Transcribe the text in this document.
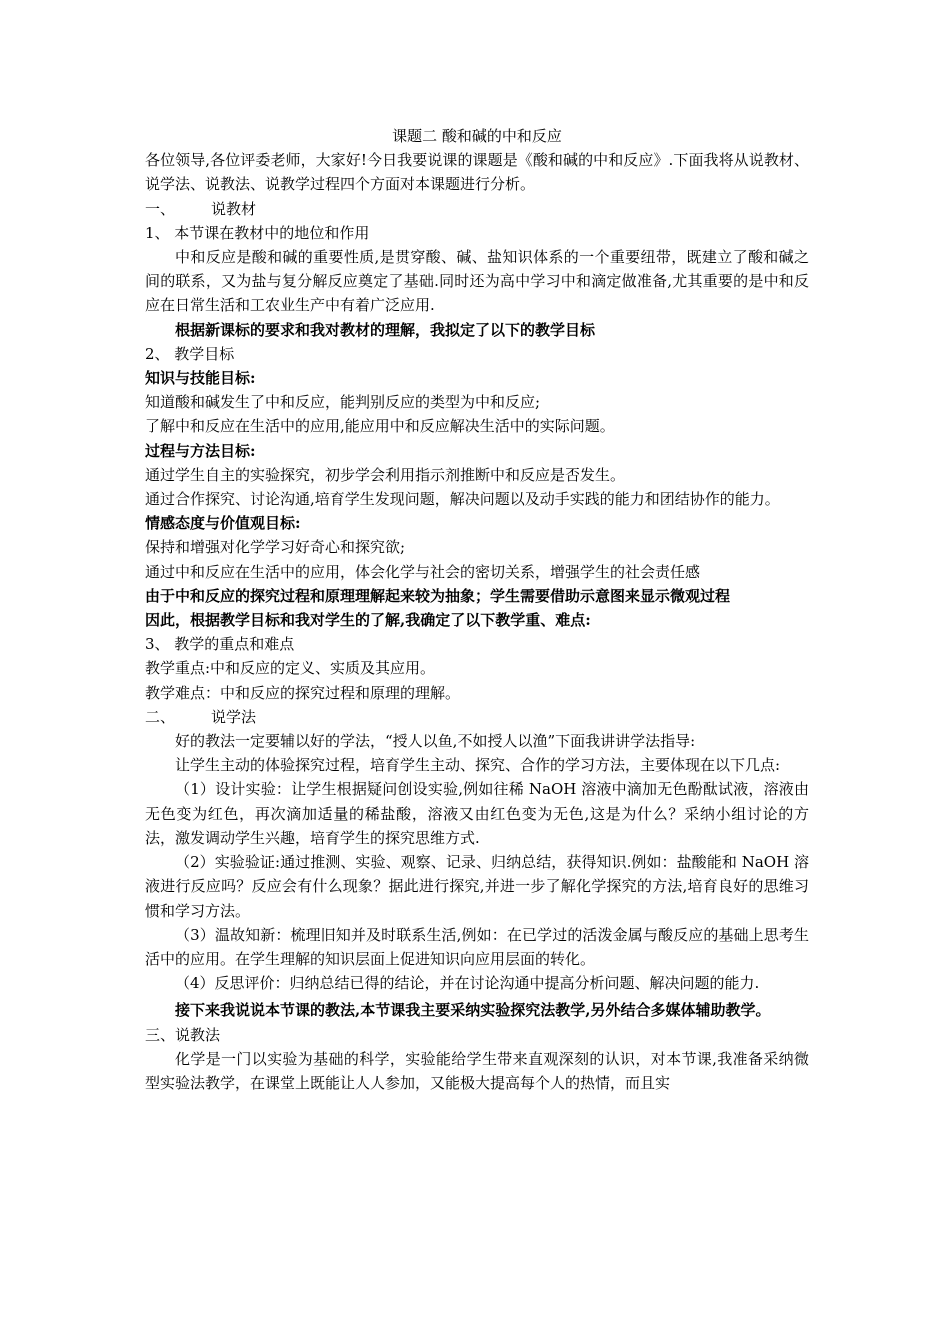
课题二 酸和碱的中和反应

各位领导,各位评委老师，大家好!今日我要说课的课题是《酸和碱的中和反应》.下面我将从说教材、说学法、说教法、说教学过程四个方面对本课题进行分析。

一、 说教材

1、 本节课在教材中的地位和作用

中和反应是酸和碱的重要性质,是贯穿酸、碱、盐知识体系的一个重要纽带，既建立了酸和碱之间的联系，又为盐与复分解反应奠定了基础.同时还为高中学习中和滴定做准备,尤其重要的是中和反应在日常生活和工农业生产中有着广泛应用.

根据新课标的要求和我对教材的理解，我拟定了以下的教学目标

2、 教学目标

知识与技能目标:

知道酸和碱发生了中和反应，能判别反应的类型为中和反应;

了解中和反应在生活中的应用,能应用中和反应解决生活中的实际问题。

过程与方法目标:

通过学生自主的实验探究，初步学会利用指示剂推断中和反应是否发生。

通过合作探究、讨论沟通,培育学生发现问题，解决问题以及动手实践的能力和团结协作的能力。

情感态度与价值观目标:

保持和增强对化学学习好奇心和探究欲;

通过中和反应在生活中的应用，体会化学与社会的密切关系，增强学生的社会责任感

由于中和反应的探究过程和原理理解起来较为抽象；学生需要借助示意图来显示微观过程

因此，根据教学目标和我对学生的了解,我确定了以下教学重、难点:

3、 教学的重点和难点

教学重点:中和反应的定义、实质及其应用。

教学难点：中和反应的探究过程和原理的理解。

二、 说学法

好的教法一定要辅以好的学法，“授人以鱼,不如授人以渔”下面我讲讲学法指导:

让学生主动的体验探究过程，培育学生主动、探究、合作的学习方法，主要体现在以下几点:

（1）设计实验：让学生根据疑问创设实验,例如往稀 NaOH 溶液中滴加无色酚酞试液，溶液由无色变为红色，再次滴加适量的稀盐酸，溶液又由红色变为无色,这是为什么？采纳小组讨论的方法，激发调动学生兴趣，培育学生的探究思维方式.

（2）实验验证:通过推测、实验、观察、记录、归纳总结，获得知识.例如：盐酸能和 NaOH 溶液进行反应吗？反应会有什么现象？据此进行探究,并进一步了解化学探究的方法,培育良好的思维习惯和学习方法。

（3）温故知新：梳理旧知并及时联系生活,例如：在已学过的活泼金属与酸反应的基础上思考生活中的应用。在学生理解的知识层面上促进知识向应用层面的转化。

（4）反思评价：归纳总结已得的结论，并在讨论沟通中提高分析问题、解决问题的能力.

接下来我说说本节课的教法,本节课我主要采纳实验探究法教学,另外结合多媒体辅助教学。

三、说教法

化学是一门以实验为基础的科学，实验能给学生带来直观深刻的认识，对本节课,我准备采纳微型实验法教学，在课堂上既能让人人参加，又能极大提高每个人的热情，而且实
